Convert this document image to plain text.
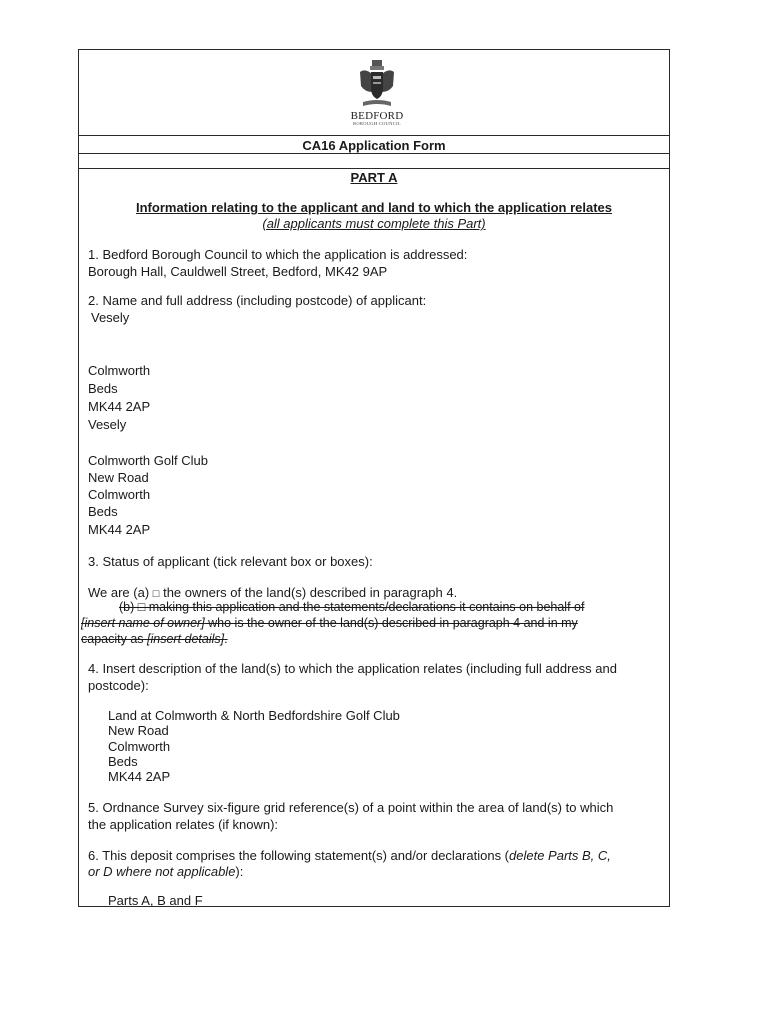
BEDFORD
BOROUGH COUNCIL
CA16 Application Form
PART A
Information relating to the applicant and land to which the application relates
(all applicants must complete this Part)
1. Bedford Borough Council to which the application is addressed:
Borough Hall, Cauldwell Street, Bedford, MK42 9AP
2. Name and full address (including postcode) of applicant:
Vesely
Colmworth
Beds
MK44 2AP
Vesely
Colmworth Golf Club
New Road
Colmworth
Beds
MK44 2AP
3. Status of applicant (tick relevant box or boxes):
We are (a) □ the owners of the land(s) described in paragraph 4.
(b) □ making this application and the statements/declarations it contains on behalf of
[insert name of owner] who is the owner of the land(s) described in paragraph 4 and in my
capacity as [insert details].
4. Insert description of the land(s) to which the application relates (including full address and
postcode):
Land at Colmworth & North Bedfordshire Golf Club
New Road
Colmworth
Beds
MK44 2AP
5. Ordnance Survey six-figure grid reference(s) of a point within the area of land(s) to which
the application relates (if known):
6. This deposit comprises the following statement(s) and/or declarations (delete Parts B, C,
or D where not applicable):
Parts A, B and F
